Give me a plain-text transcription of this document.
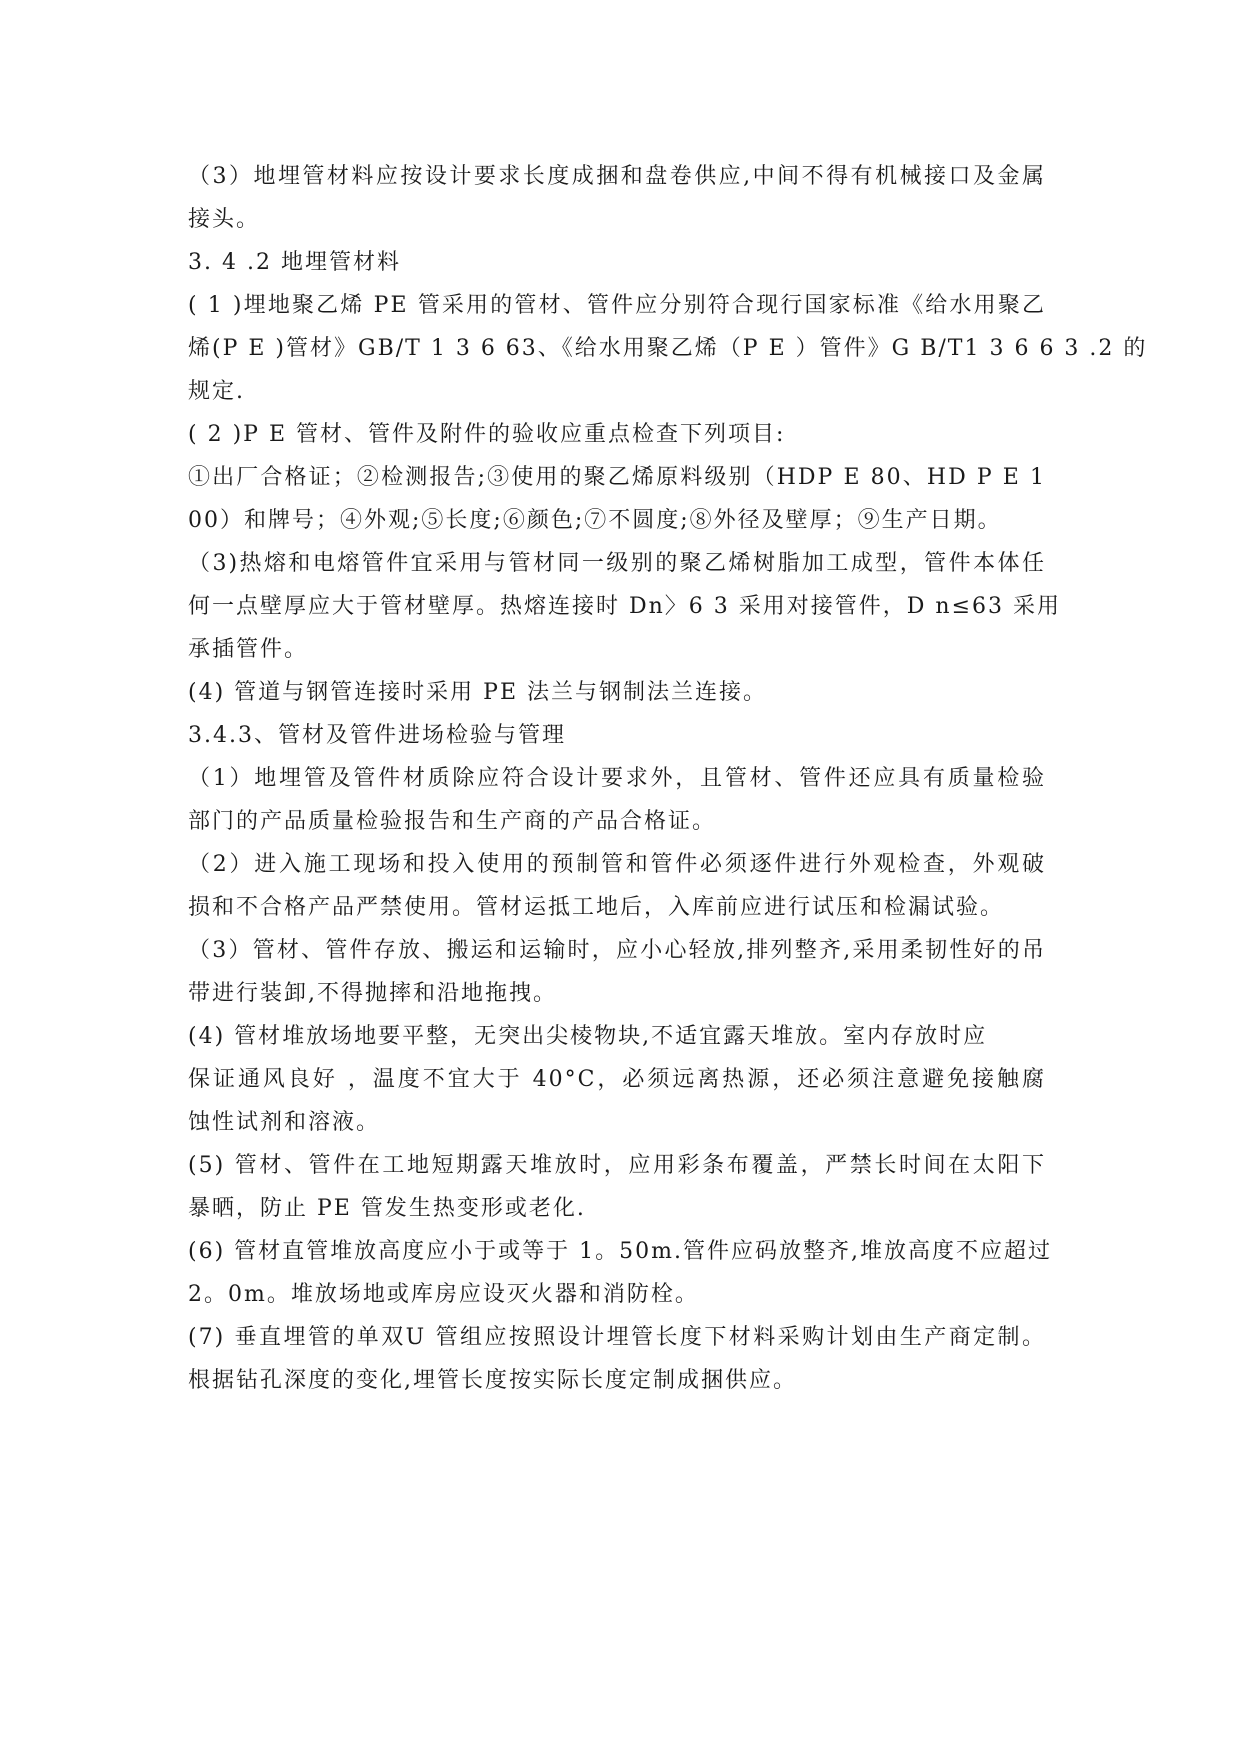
（3）地埋管材料应按设计要求长度成捆和盘卷供应,中间不得有机械接口及金属
接头。
3. 4 .2 地埋管材料
( 1 )埋地聚乙烯 PE 管采用的管材、管件应分别符合现行国家标准《给水用聚乙
烯(P E )管材》GB/T 1 3 6 63、《给水用聚乙烯（P E ）管件》G B/T1 3 6 6 3 .2 的
规定.
( 2 )P E 管材、管件及附件的验收应重点检查下列项目:
①出厂合格证；②检测报告;③使用的聚乙烯原料级别（HDP E 80、HD P E 1
00）和牌号；④外观;⑤长度;⑥颜色;⑦不圆度;⑧外径及壁厚；⑨生产日期。
（3)热熔和电熔管件宜采用与管材同一级别的聚乙烯树脂加工成型，管件本体任
何一点壁厚应大于管材壁厚。热熔连接时 Dn〉6 3 采用对接管件，D n≤63 采用
承插管件。
(4) 管道与钢管连接时采用 PE 法兰与钢制法兰连接。
3.4.3、管材及管件进场检验与管理
（1）地埋管及管件材质除应符合设计要求外，且管材、管件还应具有质量检验
部门的产品质量检验报告和生产商的产品合格证。
（2）进入施工现场和投入使用的预制管和管件必须逐件进行外观检查，外观破
损和不合格产品严禁使用。管材运抵工地后，入库前应进行试压和检漏试验。
（3）管材、管件存放、搬运和运输时，应小心轻放,排列整齐,采用柔韧性好的吊
带进行装卸,不得抛摔和沿地拖拽。
(4) 管材堆放场地要平整，无突出尖棱物块,不适宜露天堆放。室内存放时应
保证通风良好 ，温度不宜大于 40°C，必须远离热源，还必须注意避免接触腐
蚀性试剂和溶液。
(5) 管材、管件在工地短期露天堆放时，应用彩条布覆盖，严禁长时间在太阳下
暴晒，防止 PE 管发生热变形或老化.
(6) 管材直管堆放高度应小于或等于 1。50m.管件应码放整齐,堆放高度不应超过
2。0m。堆放场地或库房应设灭火器和消防栓。
(7) 垂直埋管的单双U 管组应按照设计埋管长度下材料采购计划由生产商定制。
根据钻孔深度的变化,埋管长度按实际长度定制成捆供应。
